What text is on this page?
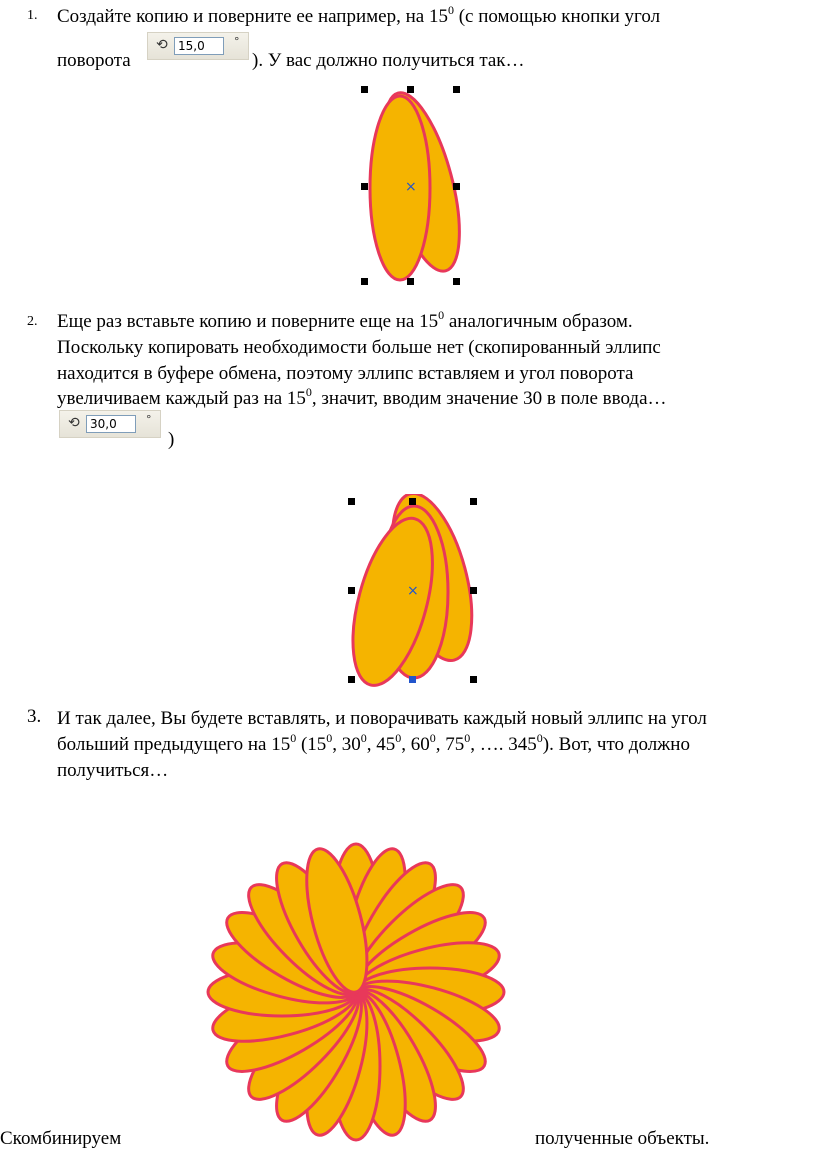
1. Создайте копию и поверните ее например, на $15^0$ (с помощью кнопки угол
поворота
⟲ 15,0	°
). У вас должно получиться так…
×
2. Еще раз вставьте копию и поверните еще на $15^0$ аналогичным образом.
Поскольку копировать необходимости больше нет (скопированный эллипс
находится в буфере обмена, поэтому эллипс вставляем и угол поворота
увеличиваем каждый раз на $15^0$, значит, вводим значение 30 в поле ввода…
⟲ 30,0	°
)
×
3. И так далее, Вы будете вставлять, и поворачивать каждый новый эллипс на угол
больший предыдущего на $15^0$ ($15^0$, $30^0$, $45^0$, $60^0$, $75^0$, …. $345^0$). Вот, что должно
получиться…
Скомбинируем	полученные объекты.
